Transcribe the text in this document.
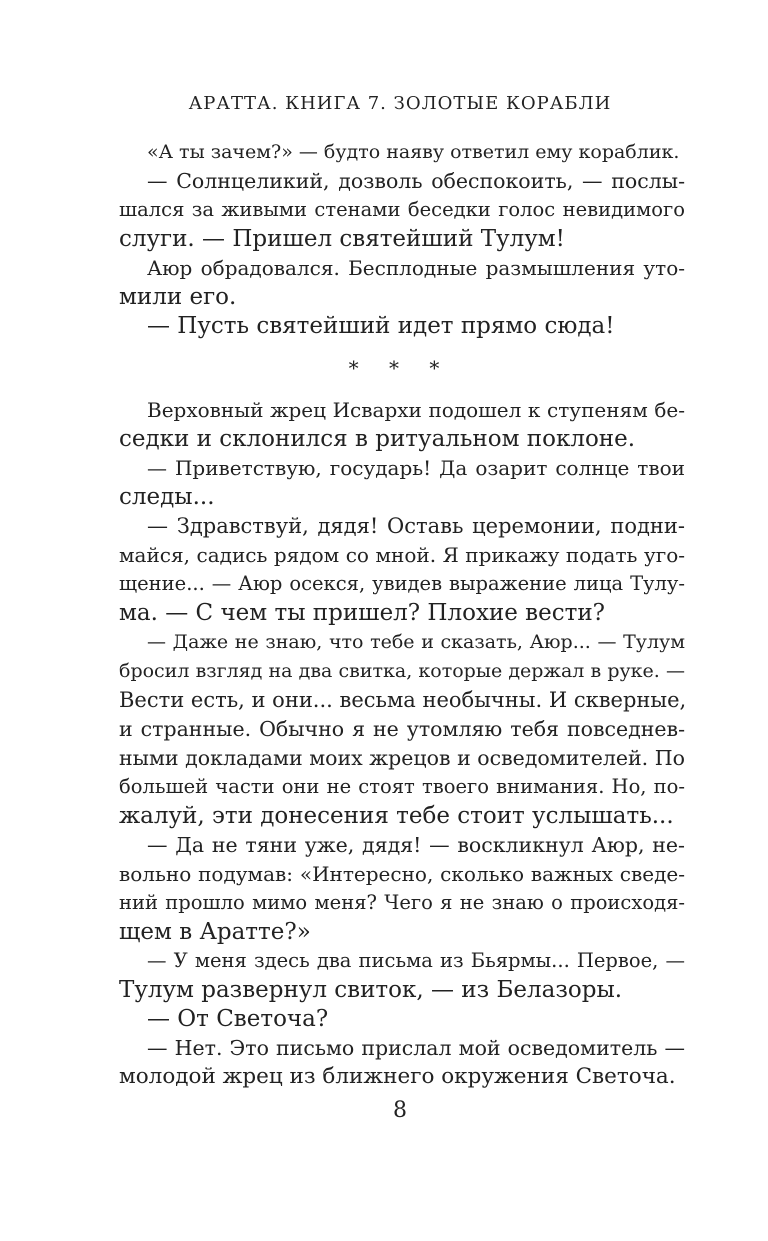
АРАТТА. КНИГА 7. ЗОЛОТЫЕ КОРАБЛИ
«А ты зачем?» — будто наяву ответил ему кораблик.
— Солнцеликий, дозволь обеспокоить, — послы-
шался за живыми стенами беседки голос невидимого
слуги. — Пришел святейший Тулум!
Аюр обрадовался. Бесплодные размышления уто-
мили его.
— Пусть святейший идет прямо сюда!
* * *
Верховный жрец Исвархи подошел к ступеням бе-
седки и склонился в ритуальном поклоне.
— Приветствую, государь! Да озарит солнце твои
следы...
— Здравствуй, дядя! Оставь церемонии, подни-
майся, садись рядом со мной. Я прикажу подать уго-
щение... — Аюр осекся, увидев выражение лица Тулу-
ма. — С чем ты пришел? Плохие вести?
— Даже не знаю, что тебе и сказать, Аюр... — Тулум
бросил взгляд на два свитка, которые держал в руке. —
Вести есть, и они... весьма необычны. И скверные,
и странные. Обычно я не утомляю тебя повседнев-
ными докладами моих жрецов и осведомителей. По
большей части они не стоят твоего внимания. Но, по-
жалуй, эти донесения тебе стоит услышать...
— Да не тяни уже, дядя! — воскликнул Аюр, не-
вольно подумав: «Интересно, сколько важных сведе-
ний прошло мимо меня? Чего я не знаю о происходя-
щем в Аратте?»
— У меня здесь два письма из Бьярмы... Первое, —
Тулум развернул свиток, — из Белазоры.
— От Светоча?
— Нет. Это письмо прислал мой осведомитель —
молодой жрец из ближнего окружения Светоча.
8
